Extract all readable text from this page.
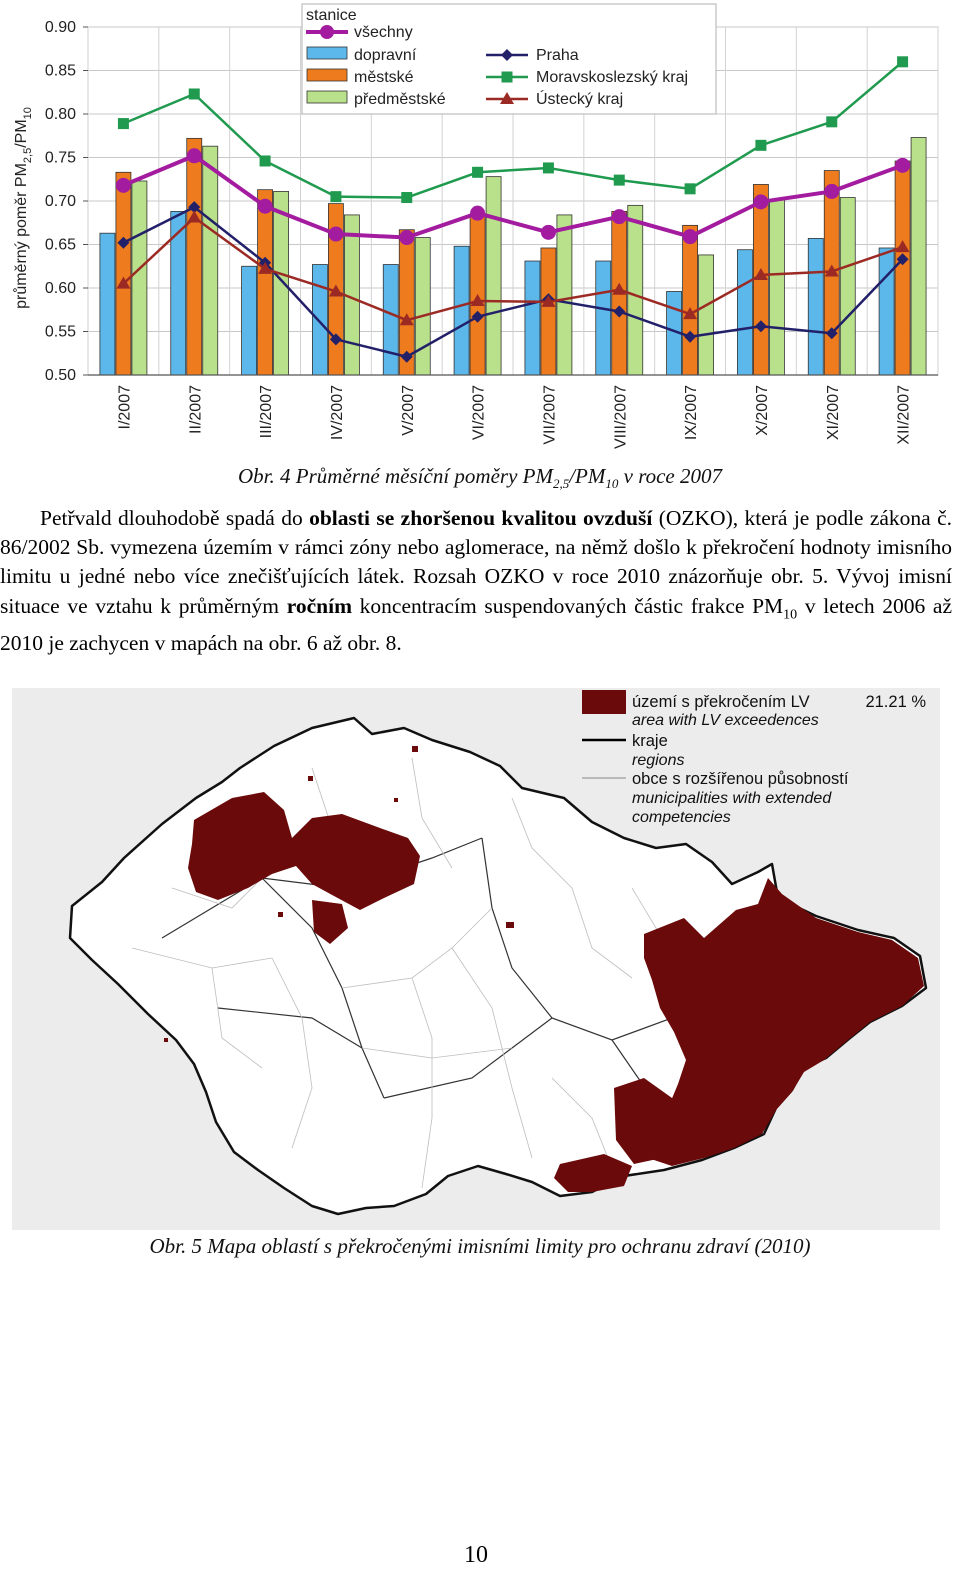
0.50
0.55
0.60
0.65
0.70
0.75
0.80
0.85
0.90
I/2007	II/2007	III/2007	IV/2007	V/2007	VI/2007	VII/2007	VIII/2007	IX/2007	X/2007	XI/2007	XII/2007
průměrný poměr $PM_{2,5}/PM_{10}$
stanice
všechny
dopravní
městské
předměstské
Praha
Moravskoslezský kraj
Ústecký kraj
Obr. 4 Průměrné měsíční poměry $PM_{2,5}/PM_{10}$ v roce 2007

Petřvald dlouhodobě spadá do oblasti se zhoršenou kvalitou ovzduší (OZKO), která je podle zákona č. 86/2002 Sb. vymezena územím v rámci zóny nebo aglomerace, na němž došlo k překročení hodnoty imisního limitu u jedné nebo více znečišťujících látek. Rozsah OZKO v roce 2010 znázorňuje obr. 5. Vývoj imisní situace ve vztahu k průměrným ročním koncentracím suspendovaných částic frakce $PM_{10}$ v letech 2006 až 2010 je zachycen v mapách na obr. 6 až obr. 8.

území s překročením LV	21.21 %
area with LV exceedences
kraje
regions
obce s rozšířenou působností
municipalities with extended
competencies
Obr. 5 Mapa oblastí s překročenými imisními limity pro ochranu zdraví (2010)
10
